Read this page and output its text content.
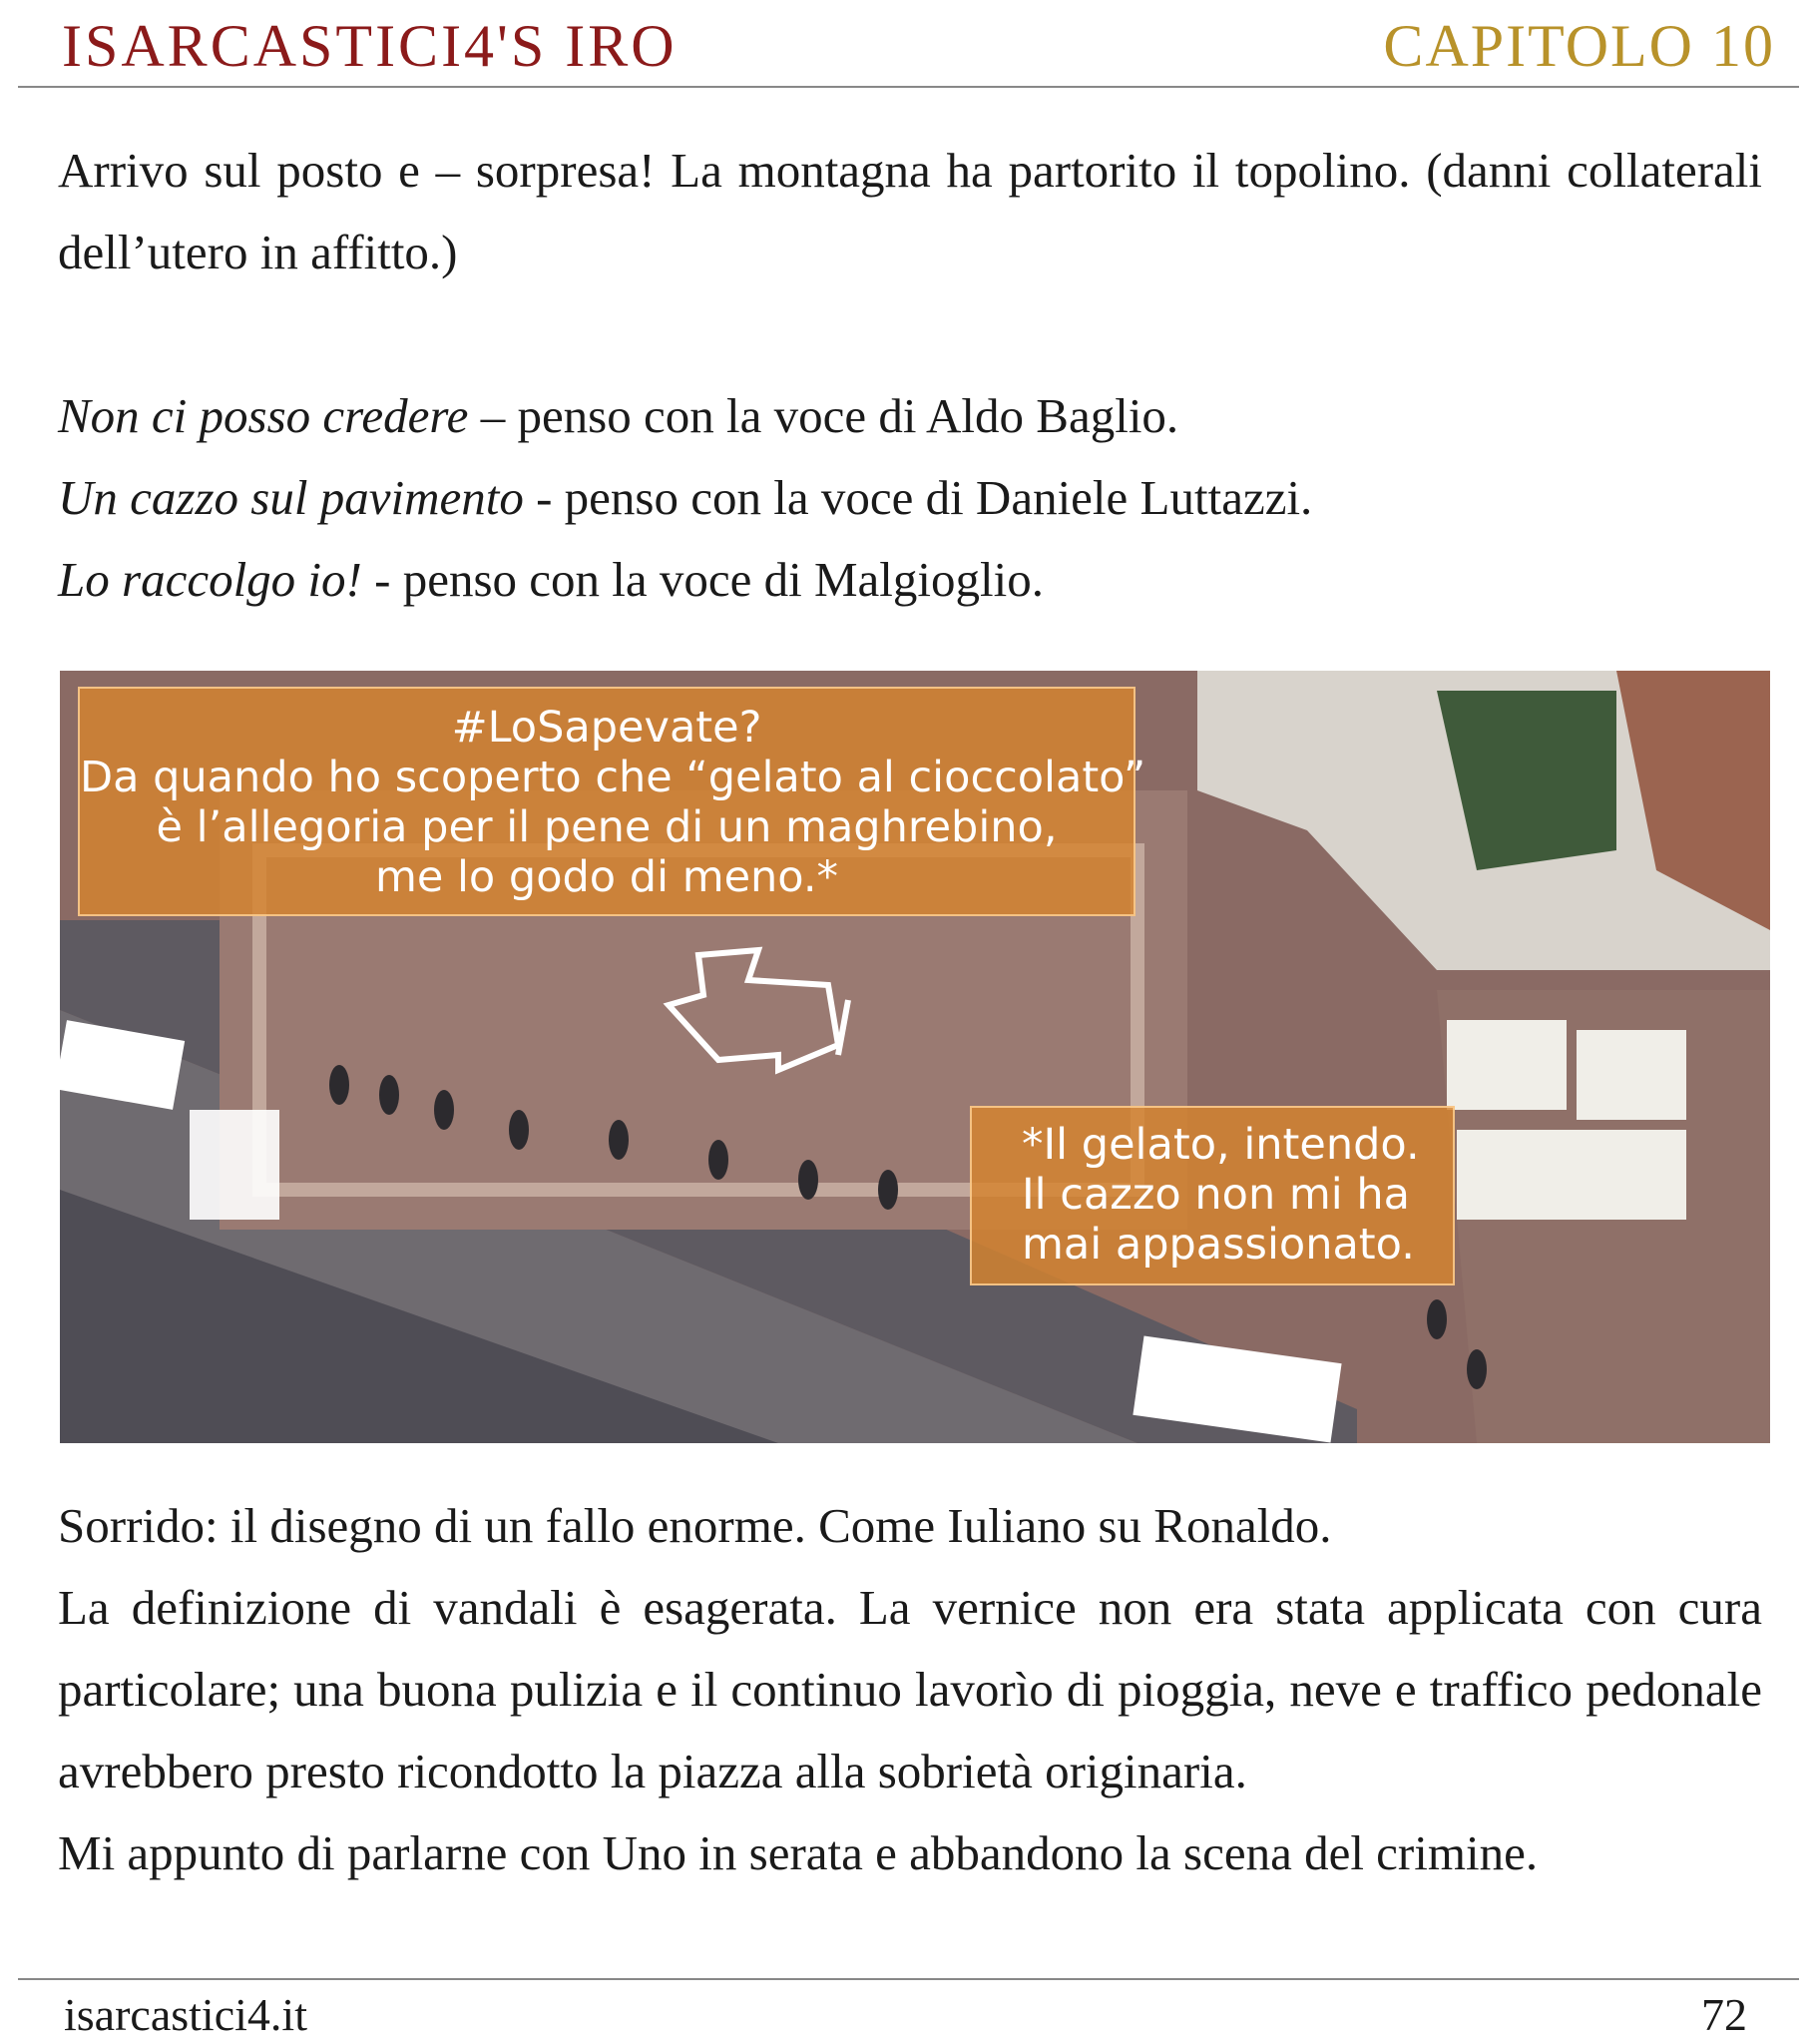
ISARCASTICI4'S IRO	CAPITOLO 10
Arrivo sul posto e – sorpresa! La montagna ha partorito il topolino. (danni collaterali dell’utero in affitto.)
Non ci posso credere – penso con la voce di Aldo Baglio.
Un cazzo sul pavimento - penso con la voce di Daniele Luttazzi.
Lo raccolgo io! - penso con la voce di Malgioglio.
#LoSapevate?
Da quando ho scoperto che “gelato al cioccolato”
è l’allegoria per il pene di un maghrebino,
me lo godo di meno.*
*Il gelato, intendo.
Il cazzo non mi ha
mai appassionato.
Sorrido: il disegno di un fallo enorme. Come Iuliano su Ronaldo.
La definizione di vandali è esagerata. La vernice non era stata applicata con cura particolare; una buona pulizia e il continuo lavorìo di pioggia, neve e traffico pedonale avrebbero presto ricondotto la piazza alla sobrietà originaria.
Mi appunto di parlarne con Uno in serata e abbandono la scena del crimine.
isarcastici4.it	72
